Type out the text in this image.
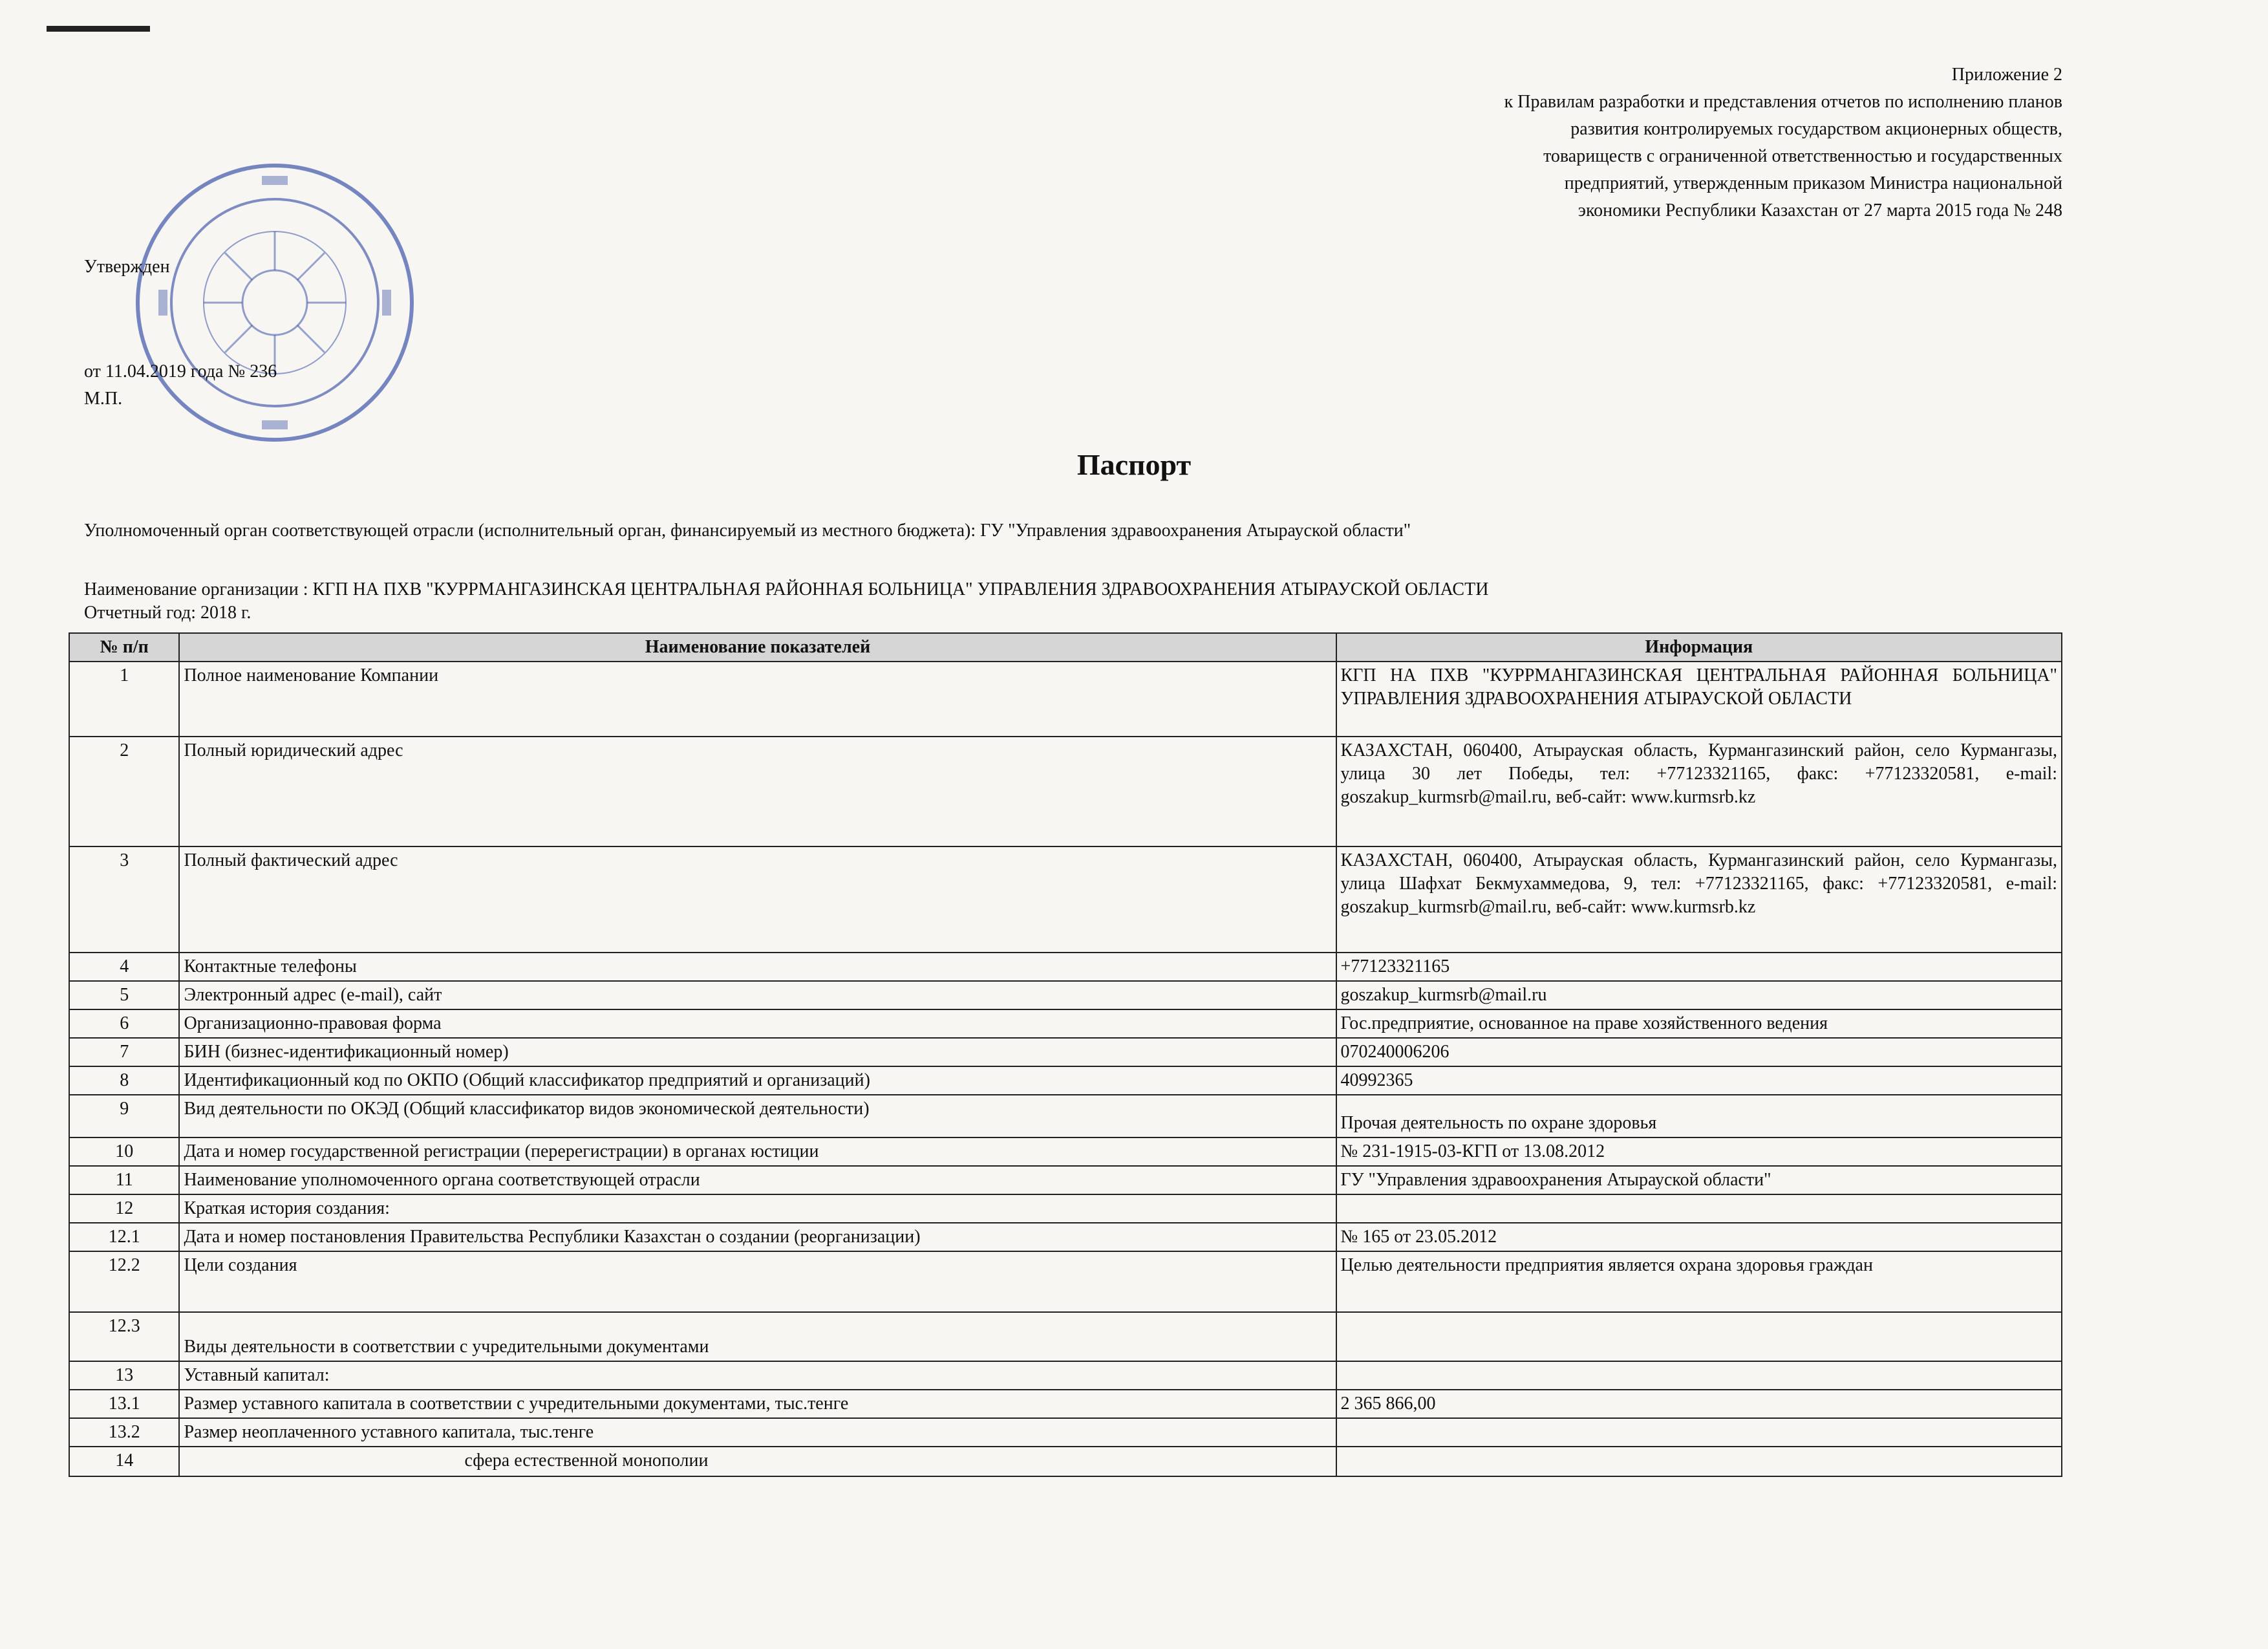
Приложение 2
к Правилам разработки и представления отчетов по исполнению планов
развития контролируемых государством акционерных обществ,
товариществ с ограниченной ответственностью и государственных
предприятий, утвержденным приказом Министра национальной
экономики Республики Казахстан от 27 марта 2015 года № 248
Утвержден
от 11.04.2019 года № 236
М.П.
Паспорт
Уполномоченный орган соответствующей отрасли (исполнительный орган, финансируемый из местного бюджета): ГУ "Управления здравоохранения Атырауской области"
Наименование организации : КГП НА ПХВ "КУРРМАНГАЗИНСКАЯ ЦЕНТРАЛЬНАЯ РАЙОННАЯ БОЛЬНИЦА" УПРАВЛЕНИЯ ЗДРАВООХРАНЕНИЯ АТЫРАУСКОЙ ОБЛАСТИ
Отчетный год: 2018 г.
№ п/п	Наименование показателей	Информация
1	Полное наименование Компании	КГП НА ПХВ "КУРРМАНГАЗИНСКАЯ ЦЕНТРАЛЬНАЯ РАЙОННАЯ БОЛЬНИЦА" УПРАВЛЕНИЯ ЗДРАВООХРАНЕНИЯ АТЫРАУСКОЙ ОБЛАСТИ
2	Полный юридический адрес	КАЗАХСТАН, 060400, Атырауская область, Курмангазинский район, село Курмангазы, улица 30 лет Победы, тел: +77123321165, факс: +77123320581, e-mail: goszakup_kurmsrb@mail.ru, веб-сайт: www.kurmsrb.kz
3	Полный фактический адрес	КАЗАХСТАН, 060400, Атырауская область, Курмангазинский район, село Курмангазы, улица Шафхат Бекмухаммедова, 9, тел: +77123321165, факс: +77123320581, e-mail: goszakup_kurmsrb@mail.ru, веб-сайт: www.kurmsrb.kz
4	Контактные телефоны	+77123321165
5	Электронный адрес (e-mail), сайт	goszakup_kurmsrb@mail.ru
6	Организационно-правовая форма	Гос.предприятие, основанное на праве хозяйственного ведения
7	БИН (бизнес-идентификационный номер)	070240006206
8	Идентификационный код по ОКПО (Общий классификатор предприятий и организаций)	40992365
9	Вид деятельности по ОКЭД (Общий классификатор видов экономической деятельности)	Прочая деятельность по охране здоровья
10	Дата и номер государственной регистрации (перерегистрации) в органах юстиции	№ 231-1915-03-КГП от 13.08.2012
11	Наименование уполномоченного органа соответствующей отрасли	ГУ "Управления здравоохранения Атырауской области"
12	Краткая история создания:	
12.1	Дата и номер постановления Правительства Республики Казахстан о создании (реорганизации)	№ 165 от 23.05.2012
12.2	Цели создания	Целью деятельности предприятия является охрана здоровья граждан
12.3	Виды деятельности в соответствии с учредительными документами	
13	Уставный капитал:	
13.1	Размер уставного капитала в соответствии с учредительными документами, тыс.тенге	2 365 866,00
13.2	Размер неоплаченного уставного капитала, тыс.тенге	
14	сфера естественной монополии	
